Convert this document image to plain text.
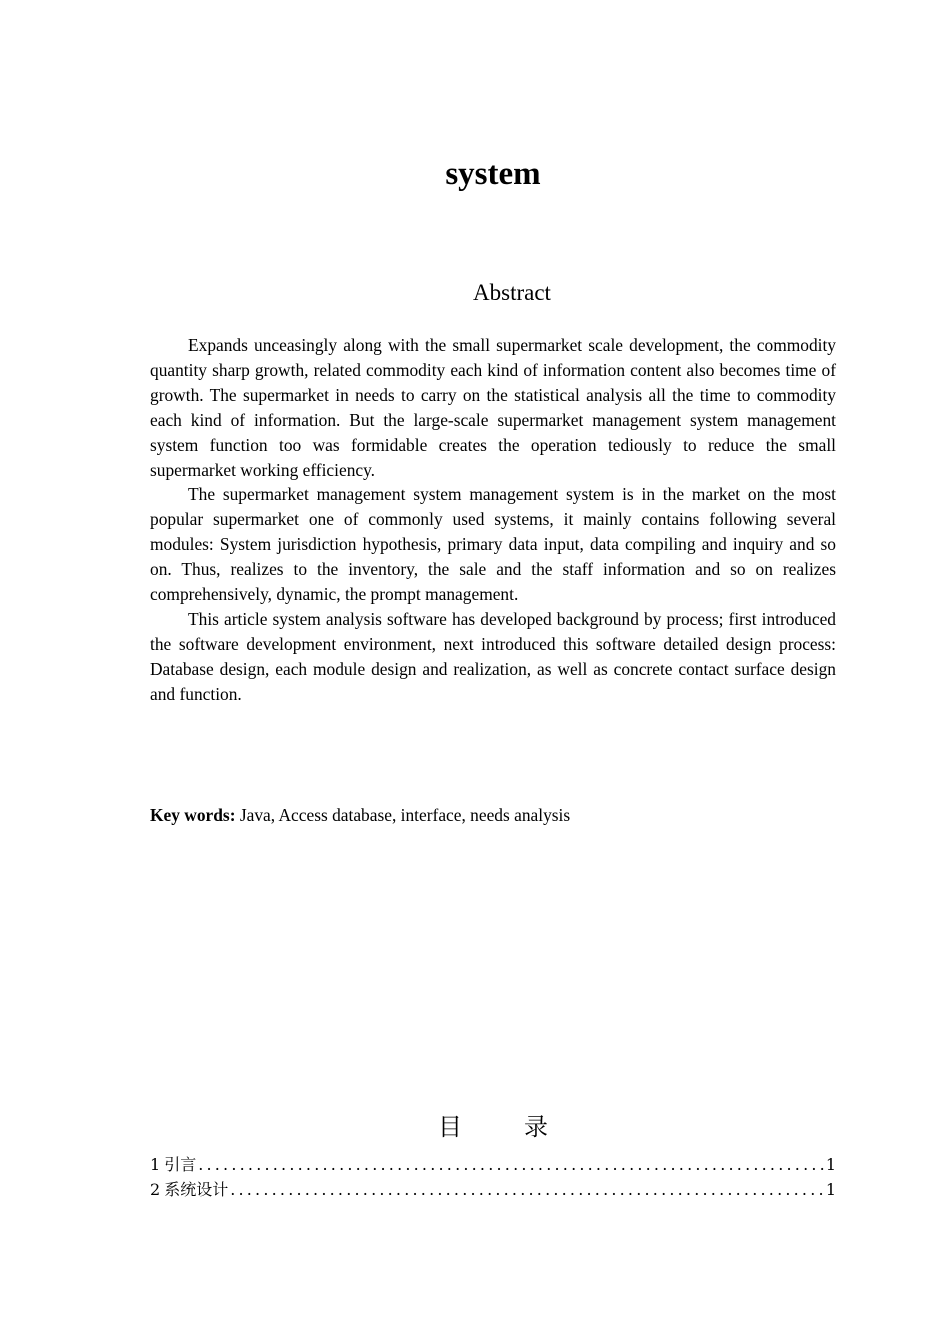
system
Abstract

Expands unceasingly along with the small supermarket scale development, the commodity quantity sharp growth, related commodity each kind of information content also becomes time of growth. The supermarket in needs to carry on the statistical analysis all the time to commodity each kind of information. But the large-scale supermarket management system management system function too was formidable creates the operation tediously to reduce the small supermarket working efficiency.

The supermarket management system management system is in the market on the most popular supermarket one of commonly used systems, it mainly contains following several modules: System jurisdiction hypothesis, primary data input, data compiling and inquiry and so on. Thus, realizes to the inventory, the sale and the staff information and so on realizes comprehensively, dynamic, the prompt management.

This article system analysis software has developed background by process; first introduced the software development environment, next introduced this software detailed design process: Database design, each module design and realization, as well as concrete contact surface design and function.

Key words: Java, Access database, interface, needs analysis

目	录
1 引言 .....	1
2 系统设计 .....	1
